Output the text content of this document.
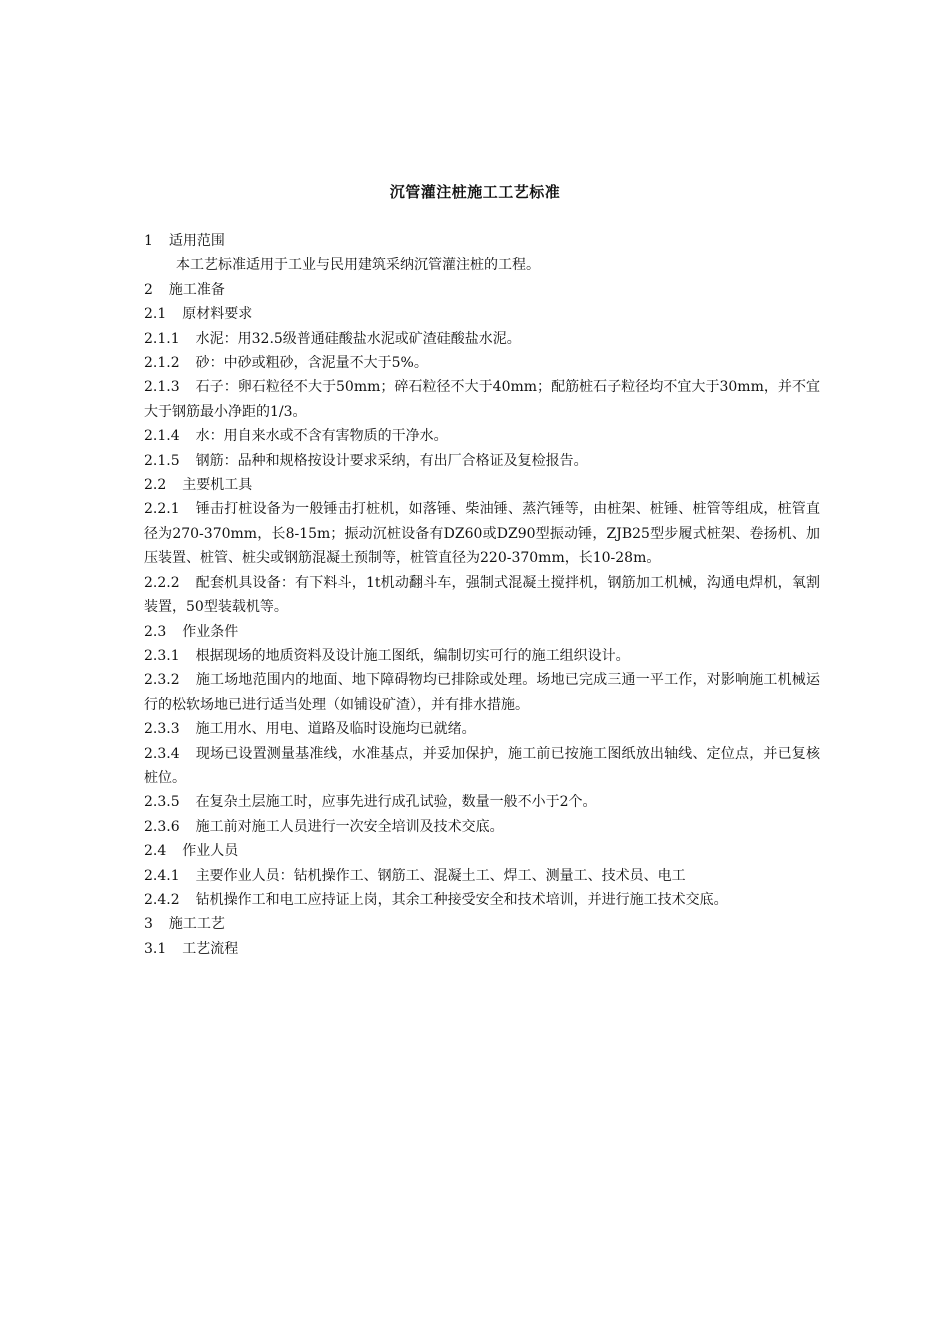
沉管灌注桩施工工艺标准

1 适用范围

本工艺标准适用于工业与民用建筑采纳沉管灌注桩的工程。

2 施工准备

2.1 原材料要求

2.1.1 水泥：用32.5级普通硅酸盐水泥或矿渣硅酸盐水泥。

2.1.2 砂：中砂或粗砂，含泥量不大于5%。

2.1.3 石子：卵石粒径不大于50mm；碎石粒径不大于40mm；配筋桩石子粒径均不宜大于30mm，并不宜大于钢筋最小净距的1/3。

2.1.4 水：用自来水或不含有害物质的干净水。

2.1.5 钢筋：品种和规格按设计要求采纳，有出厂合格证及复检报告。

2.2 主要机工具

2.2.1 锤击打桩设备为一般锤击打桩机，如落锤、柴油锤、蒸汽锤等，由桩架、桩锤、桩管等组成，桩管直径为270-370mm，长8-15m；振动沉桩设备有DZ60或DZ90型振动锤，ZJB25型步履式桩架、卷扬机、加压装置、桩管、桩尖或钢筋混凝土预制等，桩管直径为220-370mm，长10-28m。

2.2.2 配套机具设备：有下料斗，1t机动翻斗车，强制式混凝土搅拌机，钢筋加工机械，沟通电焊机，氧割装置，50型装载机等。

2.3 作业条件

2.3.1 根据现场的地质资料及设计施工图纸，编制切实可行的施工组织设计。

2.3.2 施工场地范围内的地面、地下障碍物均已排除或处理。场地已完成三通一平工作，对影响施工机械运行的松软场地已进行适当处理（如铺设矿渣），并有排水措施。

2.3.3 施工用水、用电、道路及临时设施均已就绪。

2.3.4 现场已设置测量基准线，水准基点，并妥加保护，施工前已按施工图纸放出轴线、定位点，并已复核桩位。

2.3.5 在复杂土层施工时，应事先进行成孔试验，数量一般不小于2个。

2.3.6 施工前对施工人员进行一次安全培训及技术交底。

2.4 作业人员

2.4.1 主要作业人员：钻机操作工、钢筋工、混凝土工、焊工、测量工、技术员、电工

2.4.2 钻机操作工和电工应持证上岗，其余工种接受安全和技术培训，并进行施工技术交底。

3 施工工艺

3.1 工艺流程
